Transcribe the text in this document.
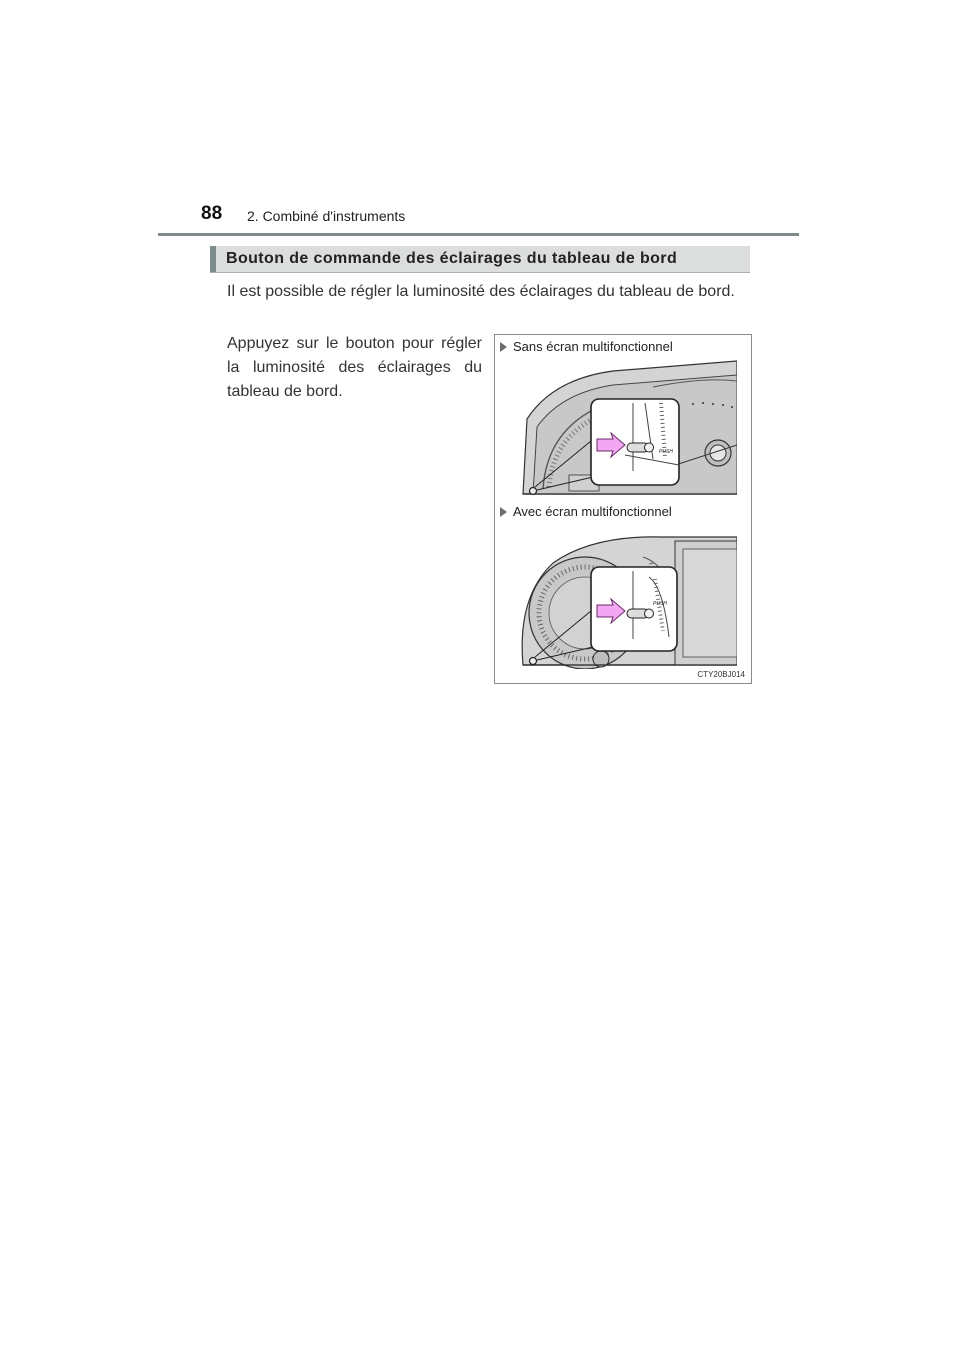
88 2. Combiné d'instruments
Bouton de commande des éclairages du tableau de bord

Il est possible de régler la luminosité des éclairages du tableau de bord.

Appuyez sur le bouton pour régler la luminosité des éclairages du tableau de bord.

Sans écran multifonctionnel
PUSH
Avec écran multifonctionnel
PUSH
CTY20BJ014
